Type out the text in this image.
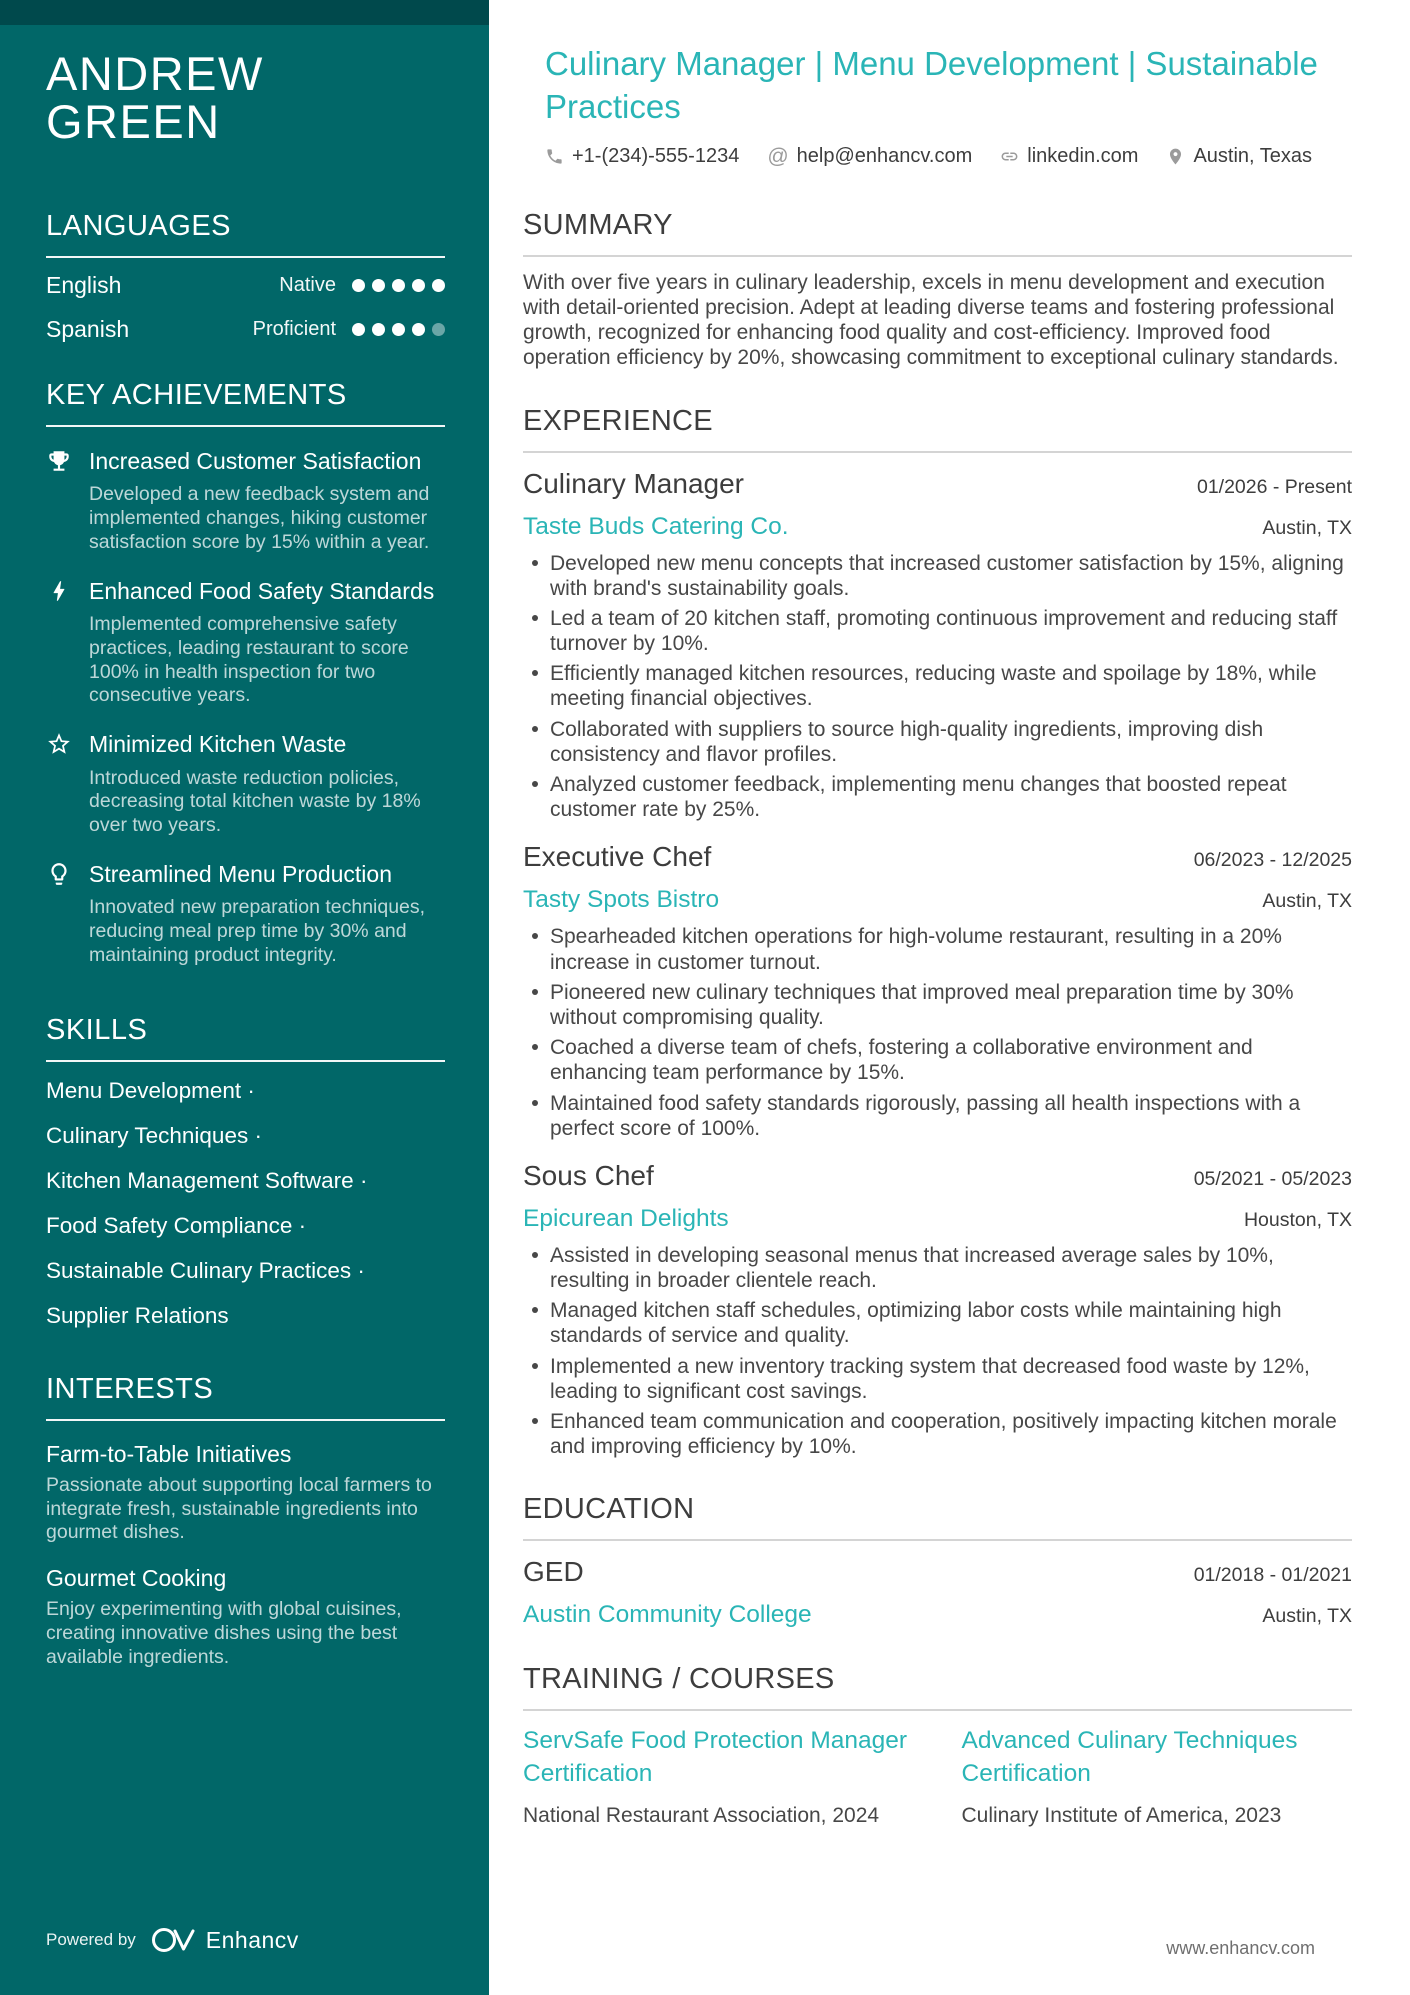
ANDREW GREEN
LANGUAGES
English	Native
Spanish	Proficient
KEY ACHIEVEMENTS
Increased Customer Satisfaction
Developed a new feedback system and implemented changes, hiking customer satisfaction score by 15% within a year.
Enhanced Food Safety Standards
Implemented comprehensive safety practices, leading restaurant to score 100% in health inspection for two consecutive years.
Minimized Kitchen Waste
Introduced waste reduction policies, decreasing total kitchen waste by 18% over two years.
Streamlined Menu Production
Innovated new preparation techniques, reducing meal prep time by 30% and maintaining product integrity.
SKILLS
Menu Development ·
Culinary Techniques ·
Kitchen Management Software ·
Food Safety Compliance ·
Sustainable Culinary Practices ·
Supplier Relations
INTERESTS
Farm-to-Table Initiatives
Passionate about supporting local farmers to integrate fresh, sustainable ingredients into gourmet dishes.
Gourmet Cooking
Enjoy experimenting with global cuisines, creating innovative dishes using the best available ingredients.
Powered by	Enhancv
Culinary Manager | Menu Development | Sustainable Practices
+1-(234)-555-1234 @ help@enhancv.com	linkedin.com	Austin, Texas
SUMMARY
With over five years in culinary leadership, excels in menu development and execution with detail-oriented precision. Adept at leading diverse teams and fostering professional growth, recognized for enhancing food quality and cost-efficiency. Improved food operation efficiency by 20%, showcasing commitment to exceptional culinary standards.
EXPERIENCE
Culinary Manager	01/2026 - Present
Taste Buds Catering Co.	Austin, TX
Developed new menu concepts that increased customer satisfaction by 15%, aligning with brand's sustainability goals.
Led a team of 20 kitchen staff, promoting continuous improvement and reducing staff turnover by 10%.
Efficiently managed kitchen resources, reducing waste and spoilage by 18%, while meeting financial objectives.
Collaborated with suppliers to source high-quality ingredients, improving dish consistency and flavor profiles.
Analyzed customer feedback, implementing menu changes that boosted repeat customer rate by 25%.
Executive Chef	06/2023 - 12/2025
Tasty Spots Bistro	Austin, TX
Spearheaded kitchen operations for high-volume restaurant, resulting in a 20% increase in customer turnout.
Pioneered new culinary techniques that improved meal preparation time by 30% without compromising quality.
Coached a diverse team of chefs, fostering a collaborative environment and enhancing team performance by 15%.
Maintained food safety standards rigorously, passing all health inspections with a perfect score of 100%.
Sous Chef	05/2021 - 05/2023
Epicurean Delights	Houston, TX
Assisted in developing seasonal menus that increased average sales by 10%, resulting in broader clientele reach.
Managed kitchen staff schedules, optimizing labor costs while maintaining high standards of service and quality.
Implemented a new inventory tracking system that decreased food waste by 12%, leading to significant cost savings.
Enhanced team communication and cooperation, positively impacting kitchen morale and improving efficiency by 10%.
EDUCATION
GED	01/2018 - 01/2021
Austin Community College	Austin, TX
TRAINING / COURSES
ServSafe Food Protection Manager Certification
National Restaurant Association, 2024
Advanced Culinary Techniques Certification
Culinary Institute of America, 2023
www.enhancv.com
